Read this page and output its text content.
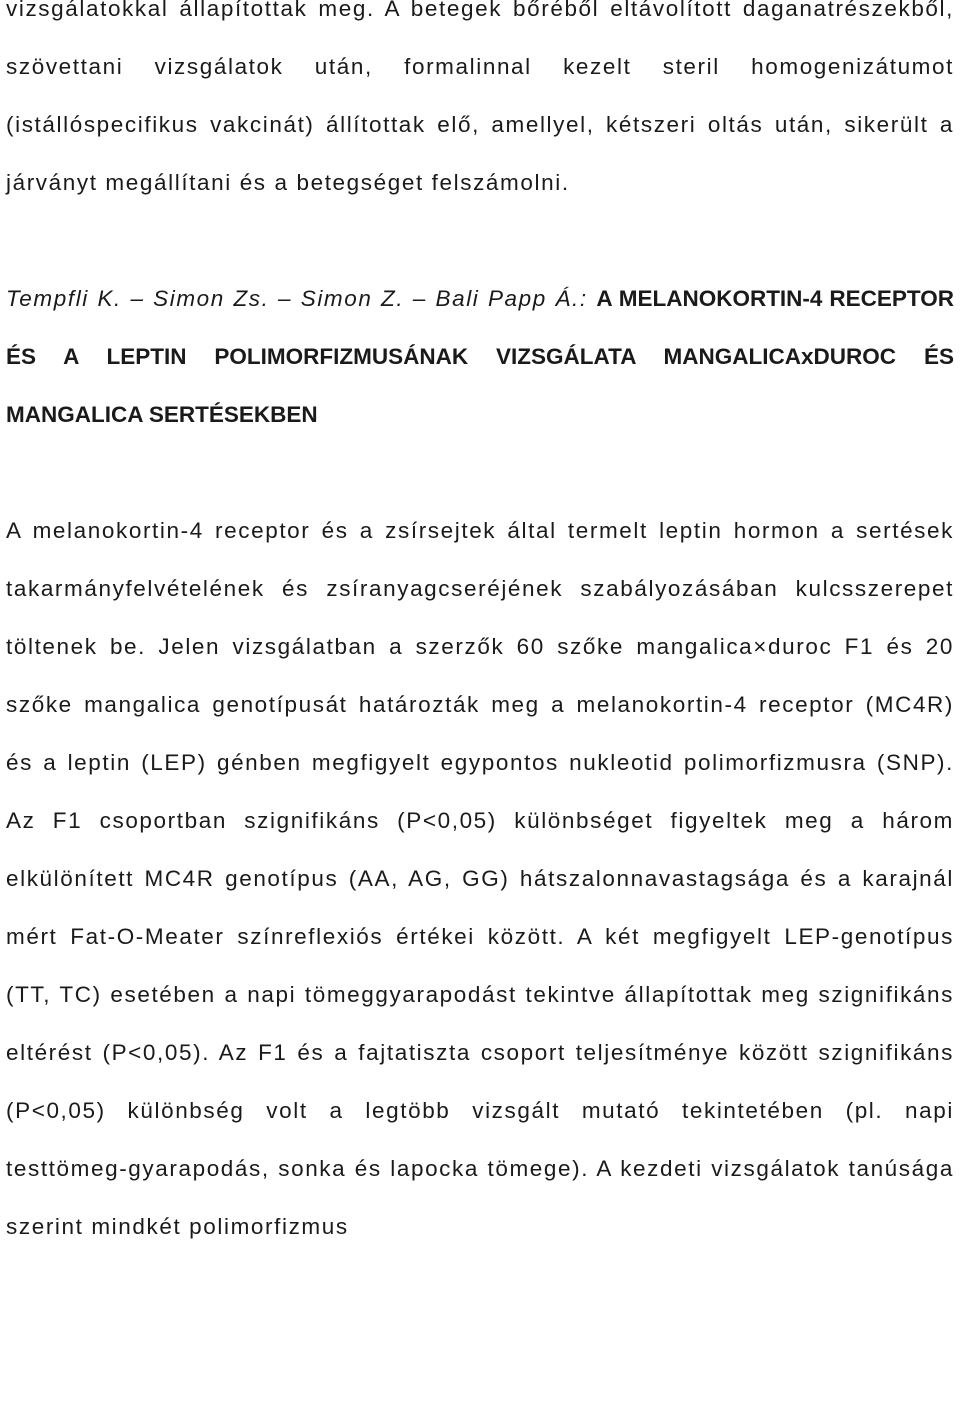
vizsgálatokkal állapítottak meg. A betegek bőréből eltávolított daganatrészekből, szövettani vizsgálatok után, formalinnal kezelt steril homogenizátumot (istállóspecifikus vakcinát) állítottak elő, amellyel, kétszeri oltás után, sikerült a járványt megállítani és a betegséget felszámolni.

Tempfli K. – Simon Zs. – Simon Z. – Bali Papp Á.: A MELANOKORTIN-4 RECEPTOR ÉS A LEPTIN POLIMORFIZMUSÁNAK VIZSGÁLATA MANGALICAxDUROC ÉS MANGALICA SERTÉSEKBEN

A melanokortin-4 receptor és a zsírsejtek által termelt leptin hormon a sertések takarmányfelvételének és zsíranyagcseréjének szabályozásában kulcsszerepet töltenek be. Jelen vizsgálatban a szerzők 60 szőke mangalica×duroc F1 és 20 szőke mangalica genotípusát határozták meg a melanokortin-4 receptor (MC4R) és a leptin (LEP) génben megfigyelt egypontos nukleotid polimorfizmusra (SNP). Az F1 csoportban szignifikáns (P<0,05) különbséget figyeltek meg a három elkülönített MC4R genotípus (AA, AG, GG) hátszalonnavastagsága és a karajnál mért Fat-O-Meater színreflexiós értékei között. A két megfigyelt LEP-genotípus (TT, TC) esetében a napi tömeggyarapodást tekintve állapítottak meg szignifikáns eltérést (P<0,05). Az F1 és a fajtatiszta csoport teljesítménye között szignifikáns (P<0,05) különbség volt a legtöbb vizsgált mutató tekintetében (pl. napi testtömeg-gyarapodás, sonka és lapocka tömege). A kezdeti vizsgálatok tanúsága szerint mindkét polimorfizmus
